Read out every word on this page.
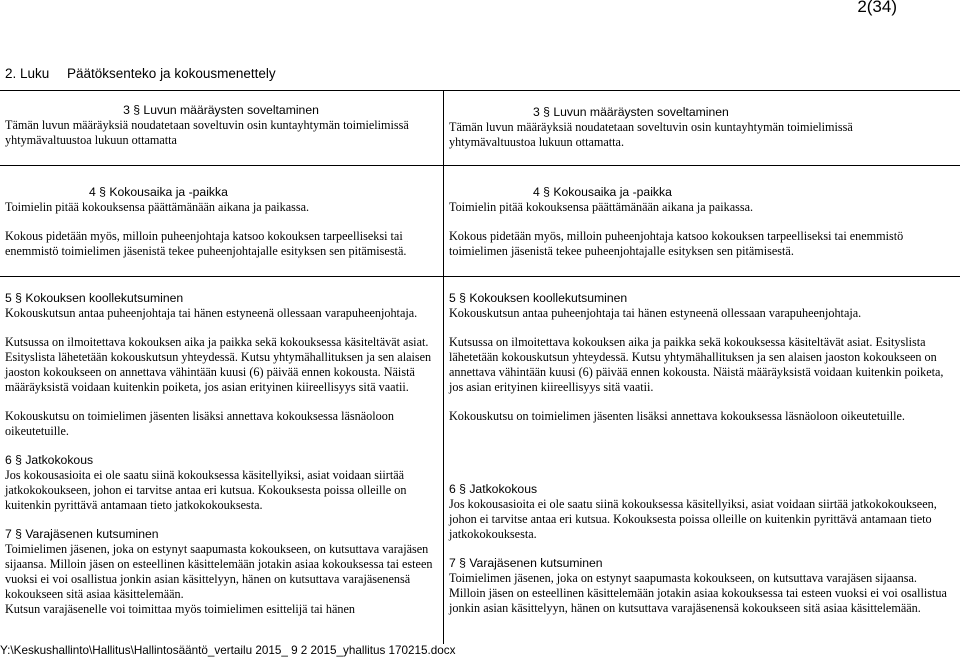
2(34)
2. Luku Päätöksenteko ja kokousmenettely

3 § Luvun määräysten soveltaminen

Tämän luvun määräyksiä noudatetaan soveltuvin osin kuntayhtymän toimielimissä yhtymävaltuustoa lukuun ottamatta

3 § Luvun määräysten soveltaminen

Tämän luvun määräyksiä noudatetaan soveltuvin osin kuntayhtymän toimielimissä yhtymävaltuustoa lukuun ottamatta.

4 § Kokousaika ja -paikka

Toimielin pitää kokouksensa päättämänään aikana ja paikassa.

Kokous pidetään myös, milloin puheenjohtaja katsoo kokouksen tarpeelliseksi tai enemmistö toimielimen jäsenistä tekee puheenjohtajalle esityksen sen pitämisestä.

4 § Kokousaika ja -paikka

Toimielin pitää kokouksensa päättämänään aikana ja paikassa.

Kokous pidetään myös, milloin puheenjohtaja katsoo kokouksen tarpeelliseksi tai enemmistö toimielimen jäsenistä tekee puheenjohtajalle esityksen sen pitämisestä.

5 § Kokouksen koollekutsuminen

Kokouskutsun antaa puheenjohtaja tai hänen estyneenä ollessaan varapuheenjohtaja.

Kutsussa on ilmoitettava kokouksen aika ja paikka sekä kokouksessa käsiteltävät asiat. Esityslista lähetetään kokouskutsun yhteydessä. Kutsu yhtymähallituksen ja sen alaisen jaoston kokoukseen on annettava vähintään kuusi (6) päivää ennen kokousta. Näistä määräyksistä voidaan kuitenkin poiketa, jos asian erityinen kiireellisyys sitä vaatii.

Kokouskutsu on toimielimen jäsenten lisäksi annettava kokouksessa läsnäoloon oikeutetuille.

6 § Jatkokokous

Jos kokousasioita ei ole saatu siinä kokouksessa käsitellyiksi, asiat voidaan siirtää jatkokokoukseen, johon ei tarvitse antaa eri kutsua. Kokouksesta poissa olleille on kuitenkin pyrittävä antamaan tieto jatkokokouksesta.

7 § Varajäsenen kutsuminen

Toimielimen jäsenen, joka on estynyt saapumasta kokoukseen, on kutsuttava varajäsen sijaansa. Milloin jäsen on esteellinen käsittelemään jotakin asiaa kokouksessa tai esteen vuoksi ei voi osallistua jonkin asian käsittelyyn, hänen on kutsuttava varajäsenensä kokoukseen sitä asiaa käsittelemään.

Kutsun varajäsenelle voi toimittaa myös toimielimen esittelijä tai hänen

5 § Kokouksen koollekutsuminen

Kokouskutsun antaa puheenjohtaja tai hänen estyneenä ollessaan varapuheenjohtaja.

Kutsussa on ilmoitettava kokouksen aika ja paikka sekä kokouksessa käsiteltävät asiat. Esityslista lähetetään kokouskutsun yhteydessä. Kutsu yhtymähallituksen ja sen alaisen jaoston kokoukseen on annettava vähintään kuusi (6) päivää ennen kokousta. Näistä määräyksistä voidaan kuitenkin poiketa, jos asian erityinen kiireellisyys sitä vaatii.

Kokouskutsu on toimielimen jäsenten lisäksi annettava kokouksessa läsnäoloon oikeutetuille.

6 § Jatkokokous

Jos kokousasioita ei ole saatu siinä kokouksessa käsitellyiksi, asiat voidaan siirtää jatkokokoukseen, johon ei tarvitse antaa eri kutsua. Kokouksesta poissa olleille on kuitenkin pyrittävä antamaan tieto jatkokokouksesta.

7 § Varajäsenen kutsuminen

Toimielimen jäsenen, joka on estynyt saapumasta kokoukseen, on kutsuttava varajäsen sijaansa. Milloin jäsen on esteellinen käsittelemään jotakin asiaa kokouksessa tai esteen vuoksi ei voi osallistua jonkin asian käsittelyyn, hänen on kutsuttava varajäsenensä kokoukseen sitä asiaa käsittelemään.

Y:\Keskushallinto\Hallitus\Hallintosääntö_vertailu 2015_ 9 2 2015_yhallitus 170215.docx
